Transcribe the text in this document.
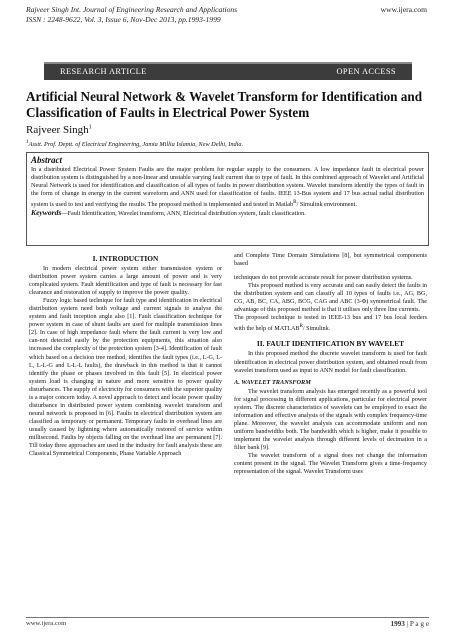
Rajveer Singh Int. Journal of Engineering Research and Applications
ISSN : 2248-9622, Vol. 3, Issue 6, Nov-Dec 2013, pp.1993-1999
www.ijera.com
RESEARCH ARTICLE	OPEN ACCESS
Artificial Neural Network & Wavelet Transform for Identification and Classification of Faults in Electrical Power System
Rajveer Singh$^1$
$^1$Asstt. Prof. Deptt. of Electrical Engineering, Jamia Millia Islamia, New Delhi, India.
Abstract
In a distributed Electrical Power System Faults are the major problem for regular supply to the consumers. A low impedance fault in electrical power distribution system is distinguished by a non-linear and unstable varying fault current due to type of fault. In this combined approach of Wavelet and Artificial Neural Network is used for identification and classification of all types of faults in power distribution system. Wavelet transform identify the types of fault in the form of change in energy in the current waveform and ANN used for classification of faults. IEEE 13-Bus system and 17 bus actual radial distribution system is used to test and verifying the results. The proposed method is implemented and tested in Matlab$^R$/ Simulink environment.
Keywords—Fault Identification, Wavelet transform, ANN, Electrical distribution system, fault classification.
I. INTRODUCTION

In modern electrical power system either transmission system or distribution power system carries a large amount of power and is very complicated system. Fault identification and type of fault is necessary for fast clearance and restoration of supply to improve the power quality.

Fuzzy logic based technique for fault type and identification in electrical distribution system need both voltage and current signals to analyse the system and fault inception angle also [1]. Fault classification technique for power system in case of shunt faults are used for multiple transmission lines [2]. In case of high impedance fault where the fault current is very low and can-not detected easily by the protection equipments, this situation also increased the complexity of the protection system [3-4]. Identification of fault which based on a decision tree method, identifies the fault types (i.e., L-G, L-L, L-L-G and L-L-L faults), the drawback in this method is that it cannot identify the phase or phases involved in this fault [5]. In electrical power system load is changing in nature and more sensitive to power quality disturbances. The supply of electricity for consumers with the superior quality is a major concern today. A novel approach to detect and locate power quality disturbance in distributed power system combining wavelet transform and neural network is proposed in [6]. Faults in electrical distribution system are classified as temporary or permanent. Temporary faults in overhead lines are usually caused by lightning where automatically restored of service within millisecond. Faults by objects falling on the overhead line are permanent [7]. Till today three approaches are used in the industry for fault analysis these are Classical Symmetrical Components, Phase Variable Approach

and Complete Time Domain Simulations [8], but symmetrical components based

techniques do not provide accurate result for power distribution systems.

This proposed method is very accurate and can easily detect the faults in the distribution system and can classify all 10 types of faults i.e., AG, BG, CG, AB, BC, CA, ABG, BCG, CAG and ABC (3-Φ) symmetrical fault. The advantage of this proposed method is that it utilises only three line currents.

The proposed technique is tested in IEEE-13 bus and 17 bus local feeders with the help of $MATLAB^R/$ Simulink.

II. FAULT IDENTIFICATION BY WAVELET

In this proposed method the discrete wavelet transform is used for fault identification in electrical power distribution system, and obtained result from wavelet transform used as input to ANN model for fault classification.

A. WAVELET TRANSFORM

The wavelet transform analysis has emerged recently as a powerful tool for signal processing in different applications, particular for electrical power system. The discrete characteristics of wavelets can be employed to exact the information and effective analysis of the signals with complex frequency-time plane. Moreover, the wavelet analysis can accommodate uniform and non uniform bandwidths both. The bandwidth which is higher, make it possible to implement the wavelet analysis through different levels of decimation in a filter bank [9].

The wavelet transform of a signal does not change the information content present in the signal. The Wavelet Transform gives a time-frequency representation of the signal. Wavelet Transform uses

www.ijera.com	1993 | P a g e
